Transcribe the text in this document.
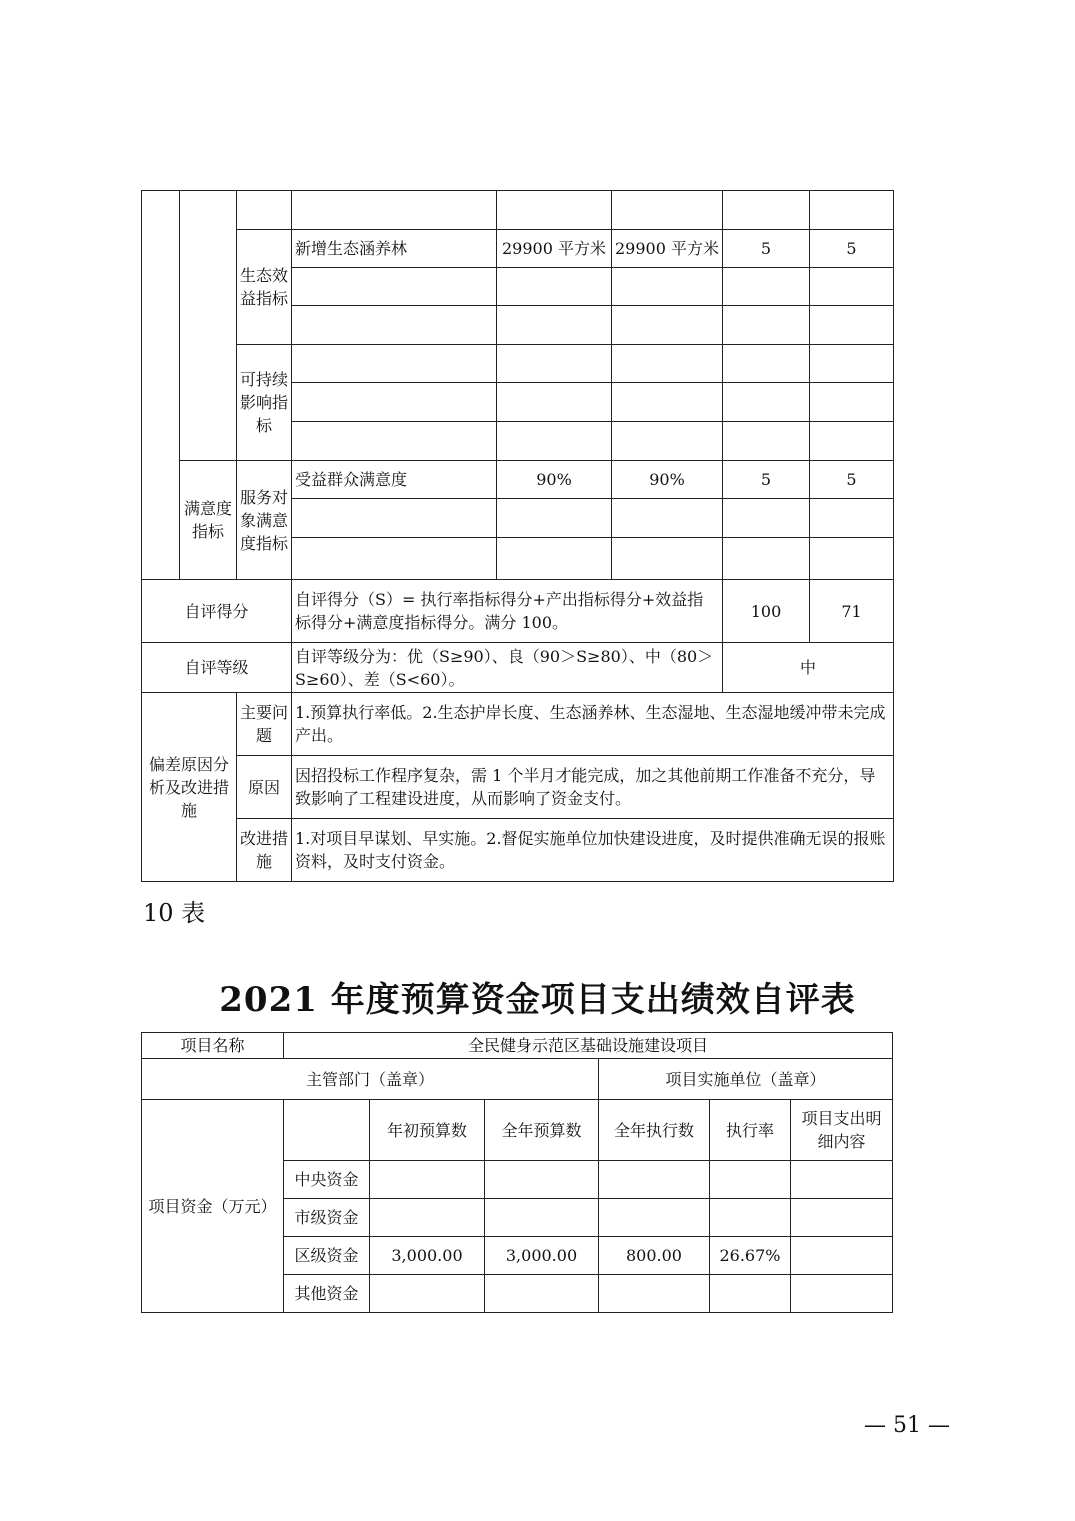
		生态效益指标	新增生态涵养林	29900 平方米	29900 平方米	5	5

		可持续影响指标					

	满意度指标	服务对象满意度指标	受益群众满意度	90%	90%	5	5

自评得分			自评得分（S）= 执行率指标得分+产出指标得分+效益指标得分+满意度指标得分。满分 100。			100	71
自评等级			自评等级分为：优（S≥90）、良（90＞S≥80）、中（80＞S≥60）、差（S<60）。			中	
偏差原因分析及改进措施		主要问题	1.预算执行率低。2.生态护岸长度、生态涵养林、生态湿地、生态湿地缓冲带未完成产出。				
		原因	因招投标工作程序复杂，需 1 个半月才能完成，加之其他前期工作准备不充分，导致影响了工程建设进度，从而影响了资金支付。				
		改进措施	1.对项目早谋划、早实施。2.督促实施单位加快建设进度，及时提供准确无误的报账资料，及时支付资金。				
10 表
2021 年度预算资金项目支出绩效自评表
项目名称	全民健身示范区基础设施建设项目					
主管部门（盖章）				项目实施单位（盖章）		
项目资金（万元）		年初预算数	全年预算数	全年执行数	执行率	项目支出明细内容
	中央资金					
	市级资金					
	区级资金	3,000.00	3,000.00	800.00	26.67%	
	其他资金					
— 51 —
